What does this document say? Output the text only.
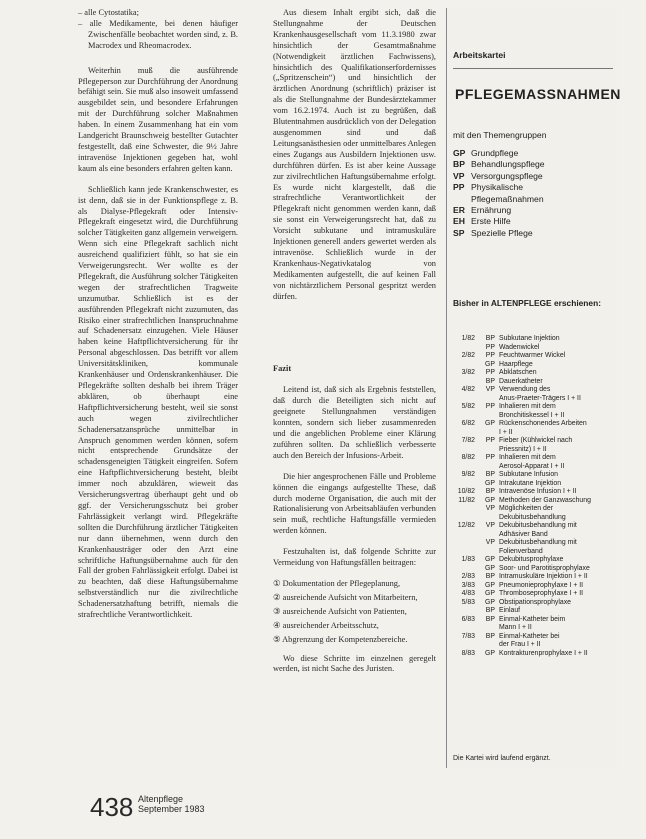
– alle Cytostatika;

– alle Medikamente, bei denen häufiger Zwischenfälle beobachtet worden sind, z. B. Macrodex und Rheomacrodex.

Weiterhin muß die ausführende Pflegeperson zur Durchführung der Anordnung befähigt sein. Sie muß also insoweit umfassend ausgebildet sein, und besondere Erfahrungen mit der Durchführung solcher Maßnahmen haben. In einem Zusammenhang hat ein vom Landgericht Braunschweig bestellter Gutachter festgestellt, daß eine Schwester, die 9½ Jahre intravenöse Injektionen gegeben hat, wohl kaum als eine besonders erfahren gelten kann.

Schließlich kann jede Krankenschwester, es ist denn, daß sie in der Funktionspflege z. B. als Dialyse-Pflegekraft oder Intensiv-Pflegekraft eingesetzt wird, die Durchführung solcher Tätigkeiten ganz allgemein verweigern. Wenn sich eine Pflegekraft sachlich nicht ausreichend qualifiziert fühlt, so hat sie ein Verweigerungsrecht. Wer wollte es der Pflegekraft, die Ausführung solcher Tätigkeiten wegen der strafrechtlichen Tragweite unzumutbar. Schließlich ist es der ausführenden Pflegekraft nicht zuzumuten, das Risiko einer strafrechtlichen Inanspruchnahme auf Schadenersatz einzugehen. Viele Häuser haben keine Haftpflichtversicherung für ihr Personal abgeschlossen. Das betrifft vor allem Universitätskliniken, kommunale Krankenhäuser und Ordenskrankenhäuser. Die Pflegekräfte sollten deshalb bei ihrem Träger abklären, ob überhaupt eine Haftpflichtversicherung besteht, weil sie sonst auch wegen zivilrechtlicher Schadenersatzansprüche unmittelbar in Anspruch genommen werden können, sofern nicht entsprechende Grundsätze der schadensgeneigten Tätigkeit eingreifen. Sofern eine Haftpflichtversicherung besteht, bleibt immer noch abzuklären, wieweit das Versicherungsvertrag überhaupt geht und ob ggf. der Versicherungsschutz bei grober Fahrlässigkeit verlangt wird. Pflegekräfte sollten die Durchführung ärztlicher Tätigkeiten nur dann übernehmen, wenn durch den Krankenhausträger oder den Arzt eine schriftliche Haftungsübernahme auch für den Fall der groben Fahrlässigkeit erfolgt. Dabei ist zu beachten, daß diese Haftungsübernahme selbstverständlich nur die zivilrechtliche Schadenersatzhaftung betrifft, niemals die strafrechtliche Verantwortlichkeit.

Aus diesem Inhalt ergibt sich, daß die Stellungnahme der Deutschen Krankenhausgesellschaft vom 11.3.1980 zwar hinsichtlich der Gesamtmaßnahme (Notwendigkeit ärztlichen Fachwissens), hinsichtlich des Qualifikationserfordernisses („Spritzenschein“) und hinsichtlich der ärztlichen Anordnung (schriftlich) präziser ist als die Stellungnahme der Bundesärztekammer vom 16.2.1974. Auch ist zu begrüßen, daß Blutentnahmen ausdrücklich von der Delegation ausgenommen sind und daß Leitungsanästhesien oder unmittelbares Anlegen eines Zugangs aus Ausbildern Injektionen usw. durchführen dürfen. Es ist aber keine Aussage zur zivilrechtlichen Haftungsübernahme erfolgt. Es wurde nicht klargestellt, daß die strafrechtliche Verantwortlichkeit der Pflegekraft nicht genommen werden kann, daß sie sonst ein Verweigerungsrecht hat, daß zu Vorsicht subkutane und intramuskuläre Injektionen generell anders gewertet werden als intravenöse. Schließlich wurde in der Krankenhaus-Negativkatalog von Medikamenten aufgestellt, die auf keinen Fall von nichtärztlichem Personal gespritzt werden dürfen.

Fazit

Leitend ist, daß sich als Ergebnis feststellen, daß durch die Beteiligten sich nicht auf geeignete Stellungnahmen verständigen konnten, sondern sich lieber zusammenreden und die angeblichen Probleme einer Klärung zuführen sollten. Da schließlich verbesserte auch den Bereich der Infusions-Arbeit.

Die hier angesprochenen Fälle und Probleme können die eingangs aufgestellte These, daß durch moderne Organisation, die auch mit der Rationalisierung von Arbeitsabläufen verbunden sein muß, rechtliche Haftungsfälle vermieden werden können.

Festzuhalten ist, daß folgende Schritte zur Vermeidung von Haftungsfällen beitragen:

① Dokumentation der Pflegeplanung,

② ausreichende Aufsicht von Mitarbeitern,

③ ausreichende Aufsicht von Patienten,

④ ausreichender Arbeitsschutz,

⑤ Abgrenzung der Kompetenzbereiche.

Wo diese Schritte im einzelnen geregelt werden, ist nicht Sache des Juristen.

Arbeitskartei
PFLEGEMASSNAHMEN
mit den Themengruppen
GP Grundpflege
BP Behandlungspflege
VP Versorgungspflege
PP Physikalische
Pflegemaßnahmen
ER Ernährung
EH Erste Hilfe
SP Spezielle Pflege
Bisher in ALTENPFLEGE erschienen:
1/82	BP Subkutane Injektion
PP Wadenwickel
2/82	PP Feuchtwarmer Wickel
GP Haarpflege
3/82	PP Abklatschen
BP Dauerkatheter
4/82	VP Verwendung des
Anus-Praeter-Trägers I + II
5/82	PP Inhalieren mit dem
Bronchitiskessel I + II
6/82	GP Rückenschonendes Arbeiten
I + II
7/82	PP Fieber (Kühlwickel nach
Priessnitz) I + II
8/82	PP Inhalieren mit dem
Aerosol-Apparat I + II
9/82	BP Subkutane Infusion
GP Intrakutane Injektion
10/82	BP Intravenöse Infusion I + II
11/82	GP Methoden der Ganzwaschung
VP Möglichkeiten der
Dekubitusbehandlung
12/82	VP Dekubitusbehandlung mit
Adhäsiver Band
VP Dekubitusbehandlung mit
Folienverband
1/83	GP Dekubitusprophylaxe
GP Soor- und Parotitisprophylaxe
2/83	BP Intramuskuläre Injektion I + II
3/83	GP Pneumonieprophylaxe I + II
4/83	GP Thromboseprophylaxe I + II
5/83	GP Obstipationsprophylaxe
BP Einlauf
6/83	BP Einmal-Katheter beim
Mann I + II
7/83	BP Einmal-Katheter bei
der Frau I + II
8/83	GP Kontrakturenprophylaxe I + II
Die Kartei wird laufend ergänzt.
438 Altenpflege
September 1983
